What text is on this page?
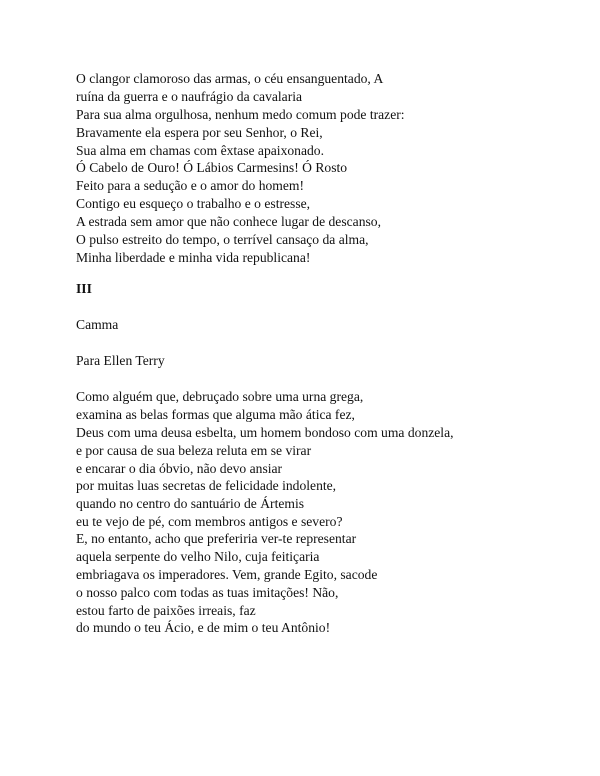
O clangor clamoroso das armas, o céu ensanguentado, A
ruína da guerra e o naufrágio da cavalaria
Para sua alma orgulhosa, nenhum medo comum pode trazer:
Bravamente ela espera por seu Senhor, o Rei,
Sua alma em chamas com êxtase apaixonado.
Ó Cabelo de Ouro! Ó Lábios Carmesins! Ó Rosto
Feito para a sedução e o amor do homem!
Contigo eu esqueço o trabalho e o estresse,
A estrada sem amor que não conhece lugar de descanso,
O pulso estreito do tempo, o terrível cansaço da alma,
Minha liberdade e minha vida republicana!
III
Camma
Para Ellen Terry
Como alguém que, debruçado sobre uma urna grega,
examina as belas formas que alguma mão ática fez,
Deus com uma deusa esbelta, um homem bondoso com uma donzela,
e por causa de sua beleza reluta em se virar
e encarar o dia óbvio, não devo ansiar
por muitas luas secretas de felicidade indolente,
quando no centro do santuário de Ártemis
eu te vejo de pé, com membros antigos e severo?
E, no entanto, acho que preferiria ver-te representar
aquela serpente do velho Nilo, cuja feitiçaria
embriagava os imperadores. Vem, grande Egito, sacode
o nosso palco com todas as tuas imitações! Não,
estou farto de paixões irreais, faz
do mundo o teu Ácio, e de mim o teu Antônio!
